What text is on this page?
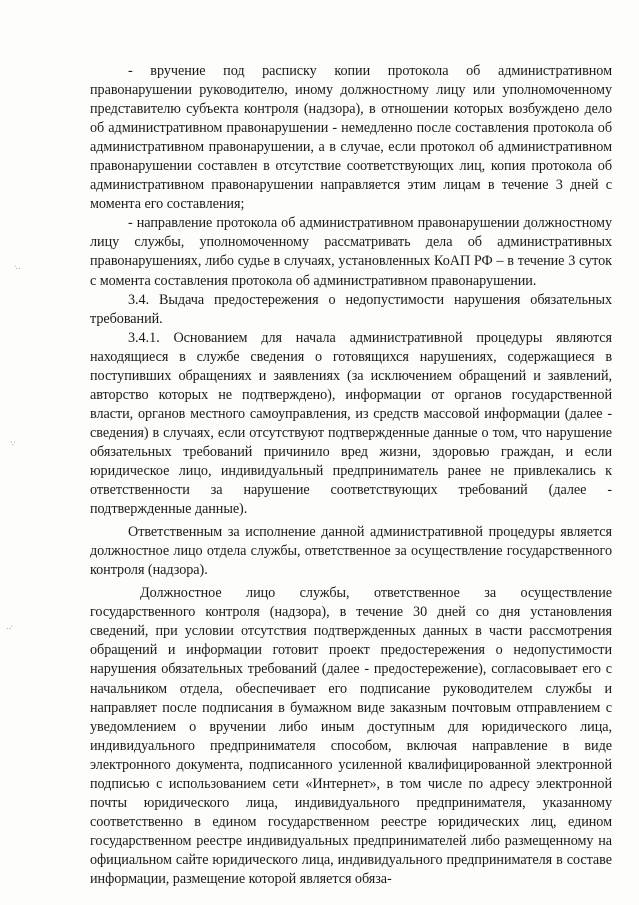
- вручение под расписку копии протокола об административном правонарушении руководителю, иному должностному лицу или уполномоченному представителю субъекта контроля (надзора), в отношении которых возбуждено дело об административном правонарушении - немедленно после составления протокола об административном правонарушении, а в случае, если протокол об административном правонарушении составлен в отсутствие соответствующих лиц, копия протокола об административном правонарушении направляется этим лицам в течение 3 дней с момента его составления;

- направление протокола об административном правонарушении должностному лицу службы, уполномоченному рассматривать дела об административных правонарушениях, либо судье в случаях, установленных КоАП РФ – в течение 3 суток с момента составления протокола об административном правонарушении.

3.4. Выдача предостережения о недопустимости нарушения обязательных требований.

3.4.1. Основанием для начала административной процедуры являются находящиеся в службе сведения о готовящихся нарушениях, содержащиеся в поступивших обращениях и заявлениях (за исключением обращений и заявлений, авторство которых не подтверждено), информации от органов государственной власти, органов местного самоуправления, из средств массовой информации (далее - сведения) в случаях, если отсутствуют подтвержденные данные о том, что нарушение обязательных требований причинило вред жизни, здоровью граждан, и если юридическое лицо, индивидуальный предприниматель ранее не привлекались к ответственности за нарушение соответствующих требований (далее - подтвержденные данные).

Ответственным за исполнение данной административной процедуры является должностное лицо отдела службы, ответственное за осуществление государственного контроля (надзора).

Должностное лицо службы, ответственное за осуществление государственного контроля (надзора), в течение 30 дней со дня установления сведений, при условии отсутствия подтвержденных данных в части рассмотрения обращений и информации готовит проект предостережения о недопустимости нарушения обязательных требований (далее - предостережение), согласовывает его с начальником отдела, обеспечивает его подписание руководителем службы и направляет после подписания в бумажном виде заказным почтовым отправлением с уведомлением о вручении либо иным доступным для юридического лица, индивидуального предпринимателя способом, включая направление в виде электронного документа, подписанного усиленной квалифицированной электронной подписью с использованием сети «Интернет», в том числе по адресу электронной почты юридического лица, индивидуального предпринимателя, указанному соответственно в едином государственном реестре юридических лиц, едином государственном реестре индивидуальных предпринимателей либо размещенному на официальном сайте юридического лица, индивидуального предпринимателя в составе информации, размещение которой является обяза-

·‥
·.·
‥·
